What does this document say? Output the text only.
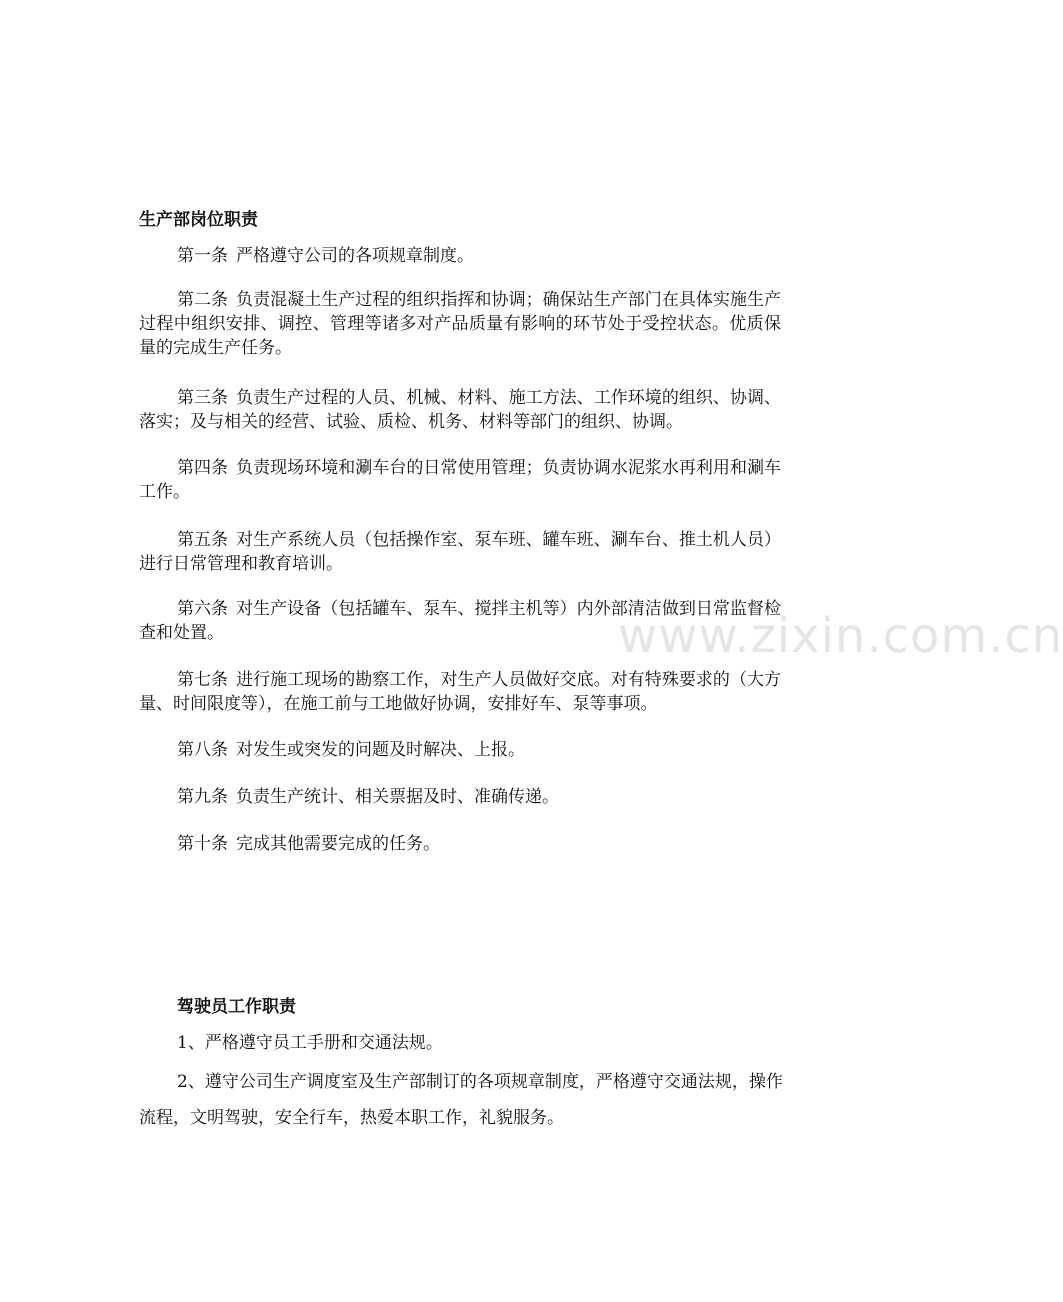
生产部岗位职责

第一条 严格遵守公司的各项规章制度。

第二条 负责混凝土生产过程的组织指挥和协调；确保站生产部门在具体实施生产过程中组织安排、调控、管理等诸多对产品质量有影响的环节处于受控状态。优质保量的完成生产任务。

第三条 负责生产过程的人员、机械、材料、施工方法、工作环境的组织、协调、落实；及与相关的经营、试验、质检、机务、材料等部门的组织、协调。

第四条 负责现场环境和涮车台的日常使用管理；负责协调水泥浆水再利用和涮车工作。

第五条 对生产系统人员（包括操作室、泵车班、罐车班、涮车台、推土机人员）进行日常管理和教育培训。

第六条 对生产设备（包括罐车、泵车、搅拌主机等）内外部清洁做到日常监督检查和处置。

第七条 进行施工现场的勘察工作，对生产人员做好交底。对有特殊要求的（大方量、时间限度等），在施工前与工地做好协调，安排好车、泵等事项。

第八条 对发生或突发的问题及时解决、上报。

第九条 负责生产统计、相关票据及时、准确传递。

第十条 完成其他需要完成的任务。

驾驶员工作职责

1、严格遵守员工手册和交通法规。

2、遵守公司生产调度室及生产部制订的各项规章制度，严格遵守交通法规，操作流程，文明驾驶，安全行车，热爱本职工作，礼貌服务。

www.zixin.com.cn
